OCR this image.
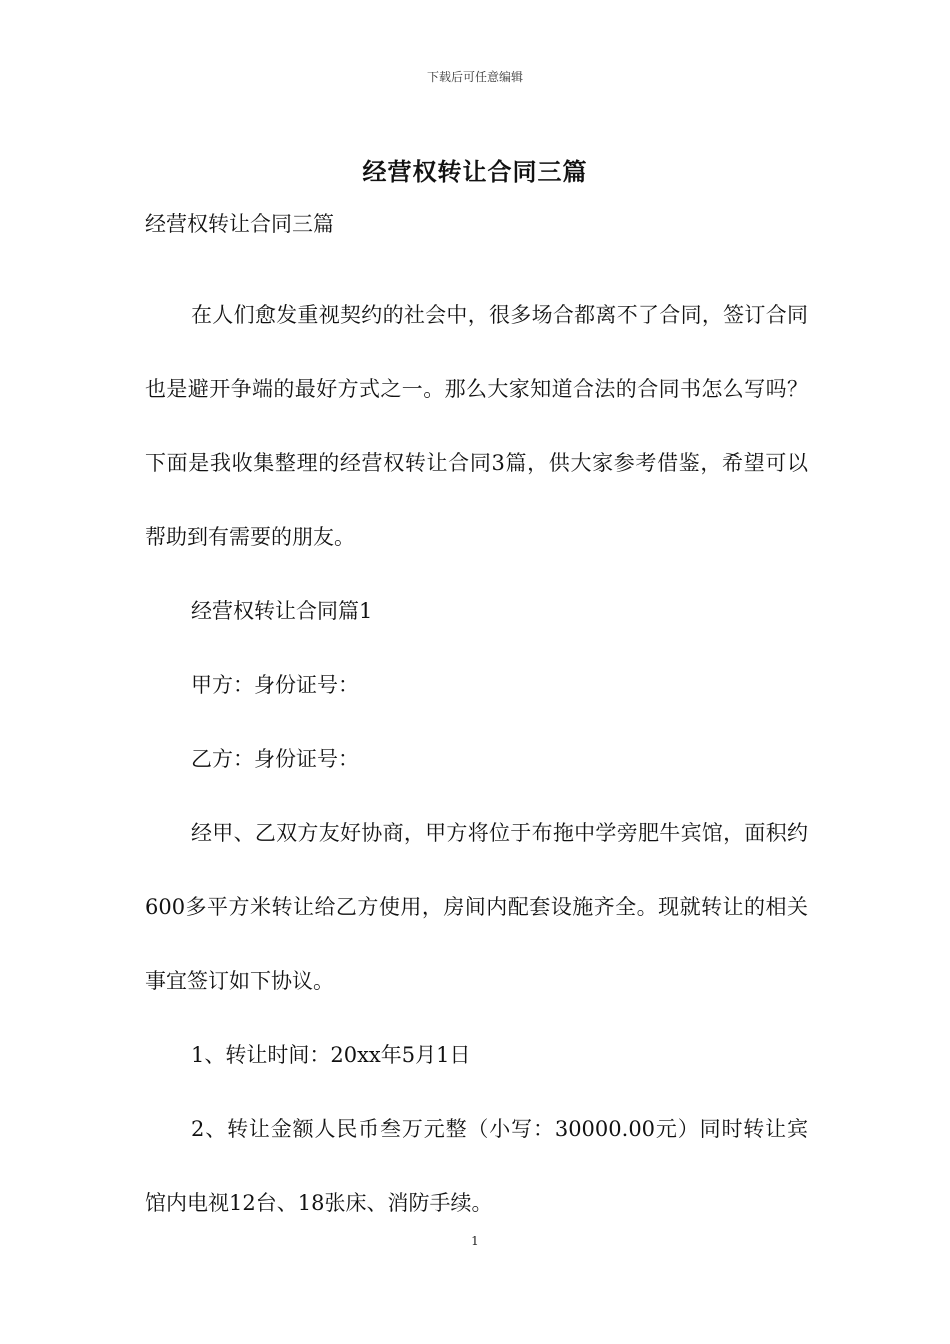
下载后可任意编辑
经营权转让合同三篇

经营权转让合同三篇

在人们愈发重视契约的社会中，很多场合都离不了合同，签订合同也是避开争端的最好方式之一。那么大家知道合法的合同书怎么写吗？下面是我收集整理的经营权转让合同3篇，供大家参考借鉴，希望可以帮助到有需要的朋友。

经营权转让合同篇1

甲方：身份证号：

乙方：身份证号：

经甲、乙双方友好协商，甲方将位于布拖中学旁肥牛宾馆，面积约600多平方米转让给乙方使用，房间内配套设施齐全。现就转让的相关事宜签订如下协议。

1、转让时间：20xx年5月1日

2、转让金额人民币叁万元整（小写：30000.00元）同时转让宾馆内电视12台、18张床、消防手续。

1
